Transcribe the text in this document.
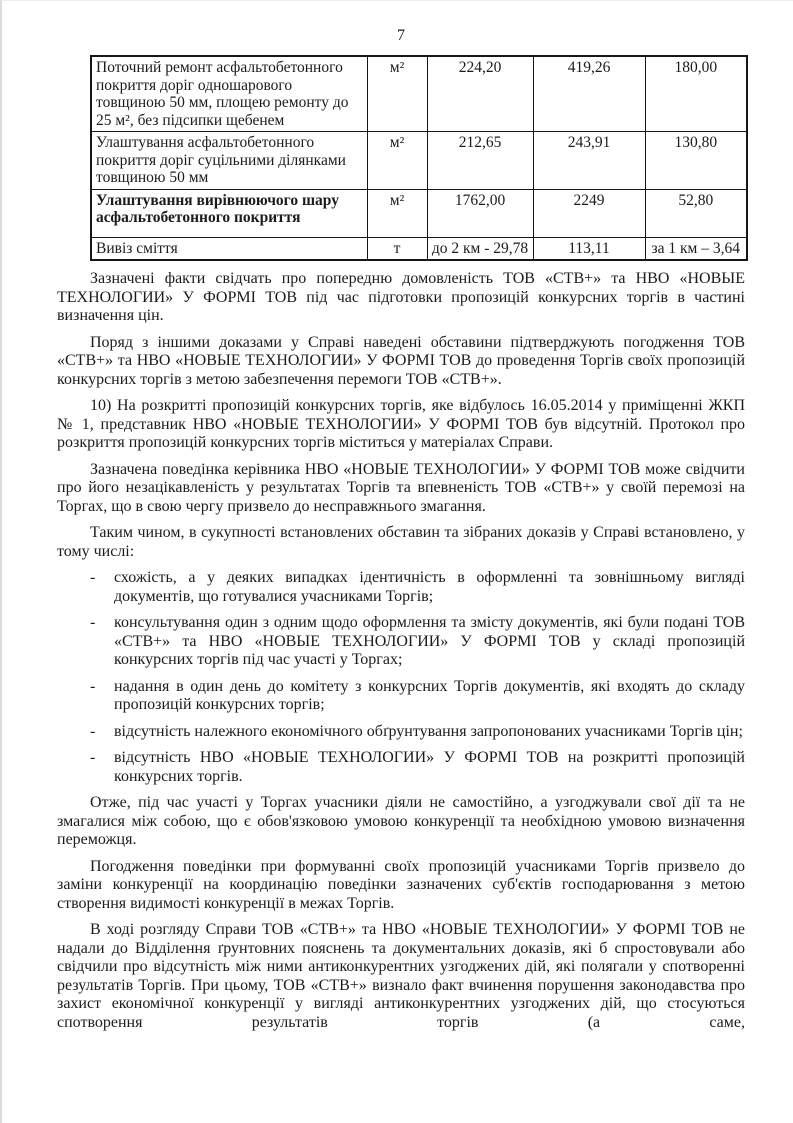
7
Поточний ремонт асфальтобетонного покриття доріг одношарового товщиною 50 мм, площею ремонту до 25 м², без підсипки щебенем	м²	224,20	419,26	180,00
Улаштування асфальтобетонного покриття доріг суцільними ділянками товщиною 50 мм	м²	212,65	243,91	130,80
Улаштування вирівнюючого шару асфальтобетонного покриття	м²	1762,00	2249	52,80
Вивіз сміття	т	до 2 км - 29,78	113,11	за 1 км – 3,64

Зазначені факти свідчать про попередню домовленість ТОВ «СТВ+» та НВО «НОВЫЕ ТЕХНОЛОГИИ» У ФОРМІ ТОВ під час підготовки пропозицій конкурсних торгів в частині визначення цін.

Поряд з іншими доказами у Справі наведені обставини підтверджують погодження ТОВ «СТВ+» та НВО «НОВЫЕ ТЕХНОЛОГИИ» У ФОРМІ ТОВ до проведення Торгів своїх пропозицій конкурсних торгів з метою забезпечення перемоги ТОВ «СТВ+».

10) На розкритті пропозицій конкурсних торгів, яке відбулось 16.05.2014 у приміщенні ЖКП № 1, представник НВО «НОВЫЕ ТЕХНОЛОГИИ» У ФОРМІ ТОВ був відсутній. Протокол про розкриття пропозицій конкурсних торгів міститься у матеріалах Справи.

Зазначена поведінка керівника НВО «НОВЫЕ ТЕХНОЛОГИИ» У ФОРМІ ТОВ може свідчити про його незацікавленість у результатах Торгів та впевненість ТОВ «СТВ+» у своїй перемозі на Торгах, що в свою чергу призвело до несправжнього змагання.

Таким чином, в сукупності встановлених обставин та зібраних доказів у Справі встановлено, у тому числі:

-	схожість, а у деяких випадках ідентичність в оформленні та зовнішньому вигляді документів, що готувалися учасниками Торгів;
-	консультування один з одним щодо оформлення та змісту документів, які були подані ТОВ «СТВ+» та НВО «НОВЫЕ ТЕХНОЛОГИИ» У ФОРМІ ТОВ у складі пропозицій конкурсних торгів під час участі у Торгах;
-	надання в один день до комітету з конкурсних Торгів документів, які входять до складу пропозицій конкурсних торгів;
-	відсутність належного економічного обґрунтування запропонованих учасниками Торгів цін;
-	відсутність НВО «НОВЫЕ ТЕХНОЛОГИИ» У ФОРМІ ТОВ на розкритті пропозицій конкурсних торгів.

Отже, під час участі у Торгах учасники діяли не самостійно, а узгоджували свої дії та не змагалися між собою, що є обов'язковою умовою конкуренції та необхідною умовою визначення переможця.

Погодження поведінки при формуванні своїх пропозицій учасниками Торгів призвело до заміни конкуренції на координацію поведінки зазначених суб'єктів господарювання з метою створення видимості конкуренції в межах Торгів.

В ході розгляду Справи ТОВ «СТВ+» та НВО «НОВЫЕ ТЕХНОЛОГИИ» У ФОРМІ ТОВ не надали до Відділення ґрунтовних пояснень та документальних доказів, які б спростовували або свідчили про відсутність між ними антиконкурентних узгоджених дій, які полягали у спотворенні результатів Торгів. При цьому, ТОВ «СТВ+» визнало факт вчинення порушення законодавства про захист економічної конкуренції у вигляді антиконкурентних узгоджених дій, що стосуються спотворення результатів торгів (а саме,
